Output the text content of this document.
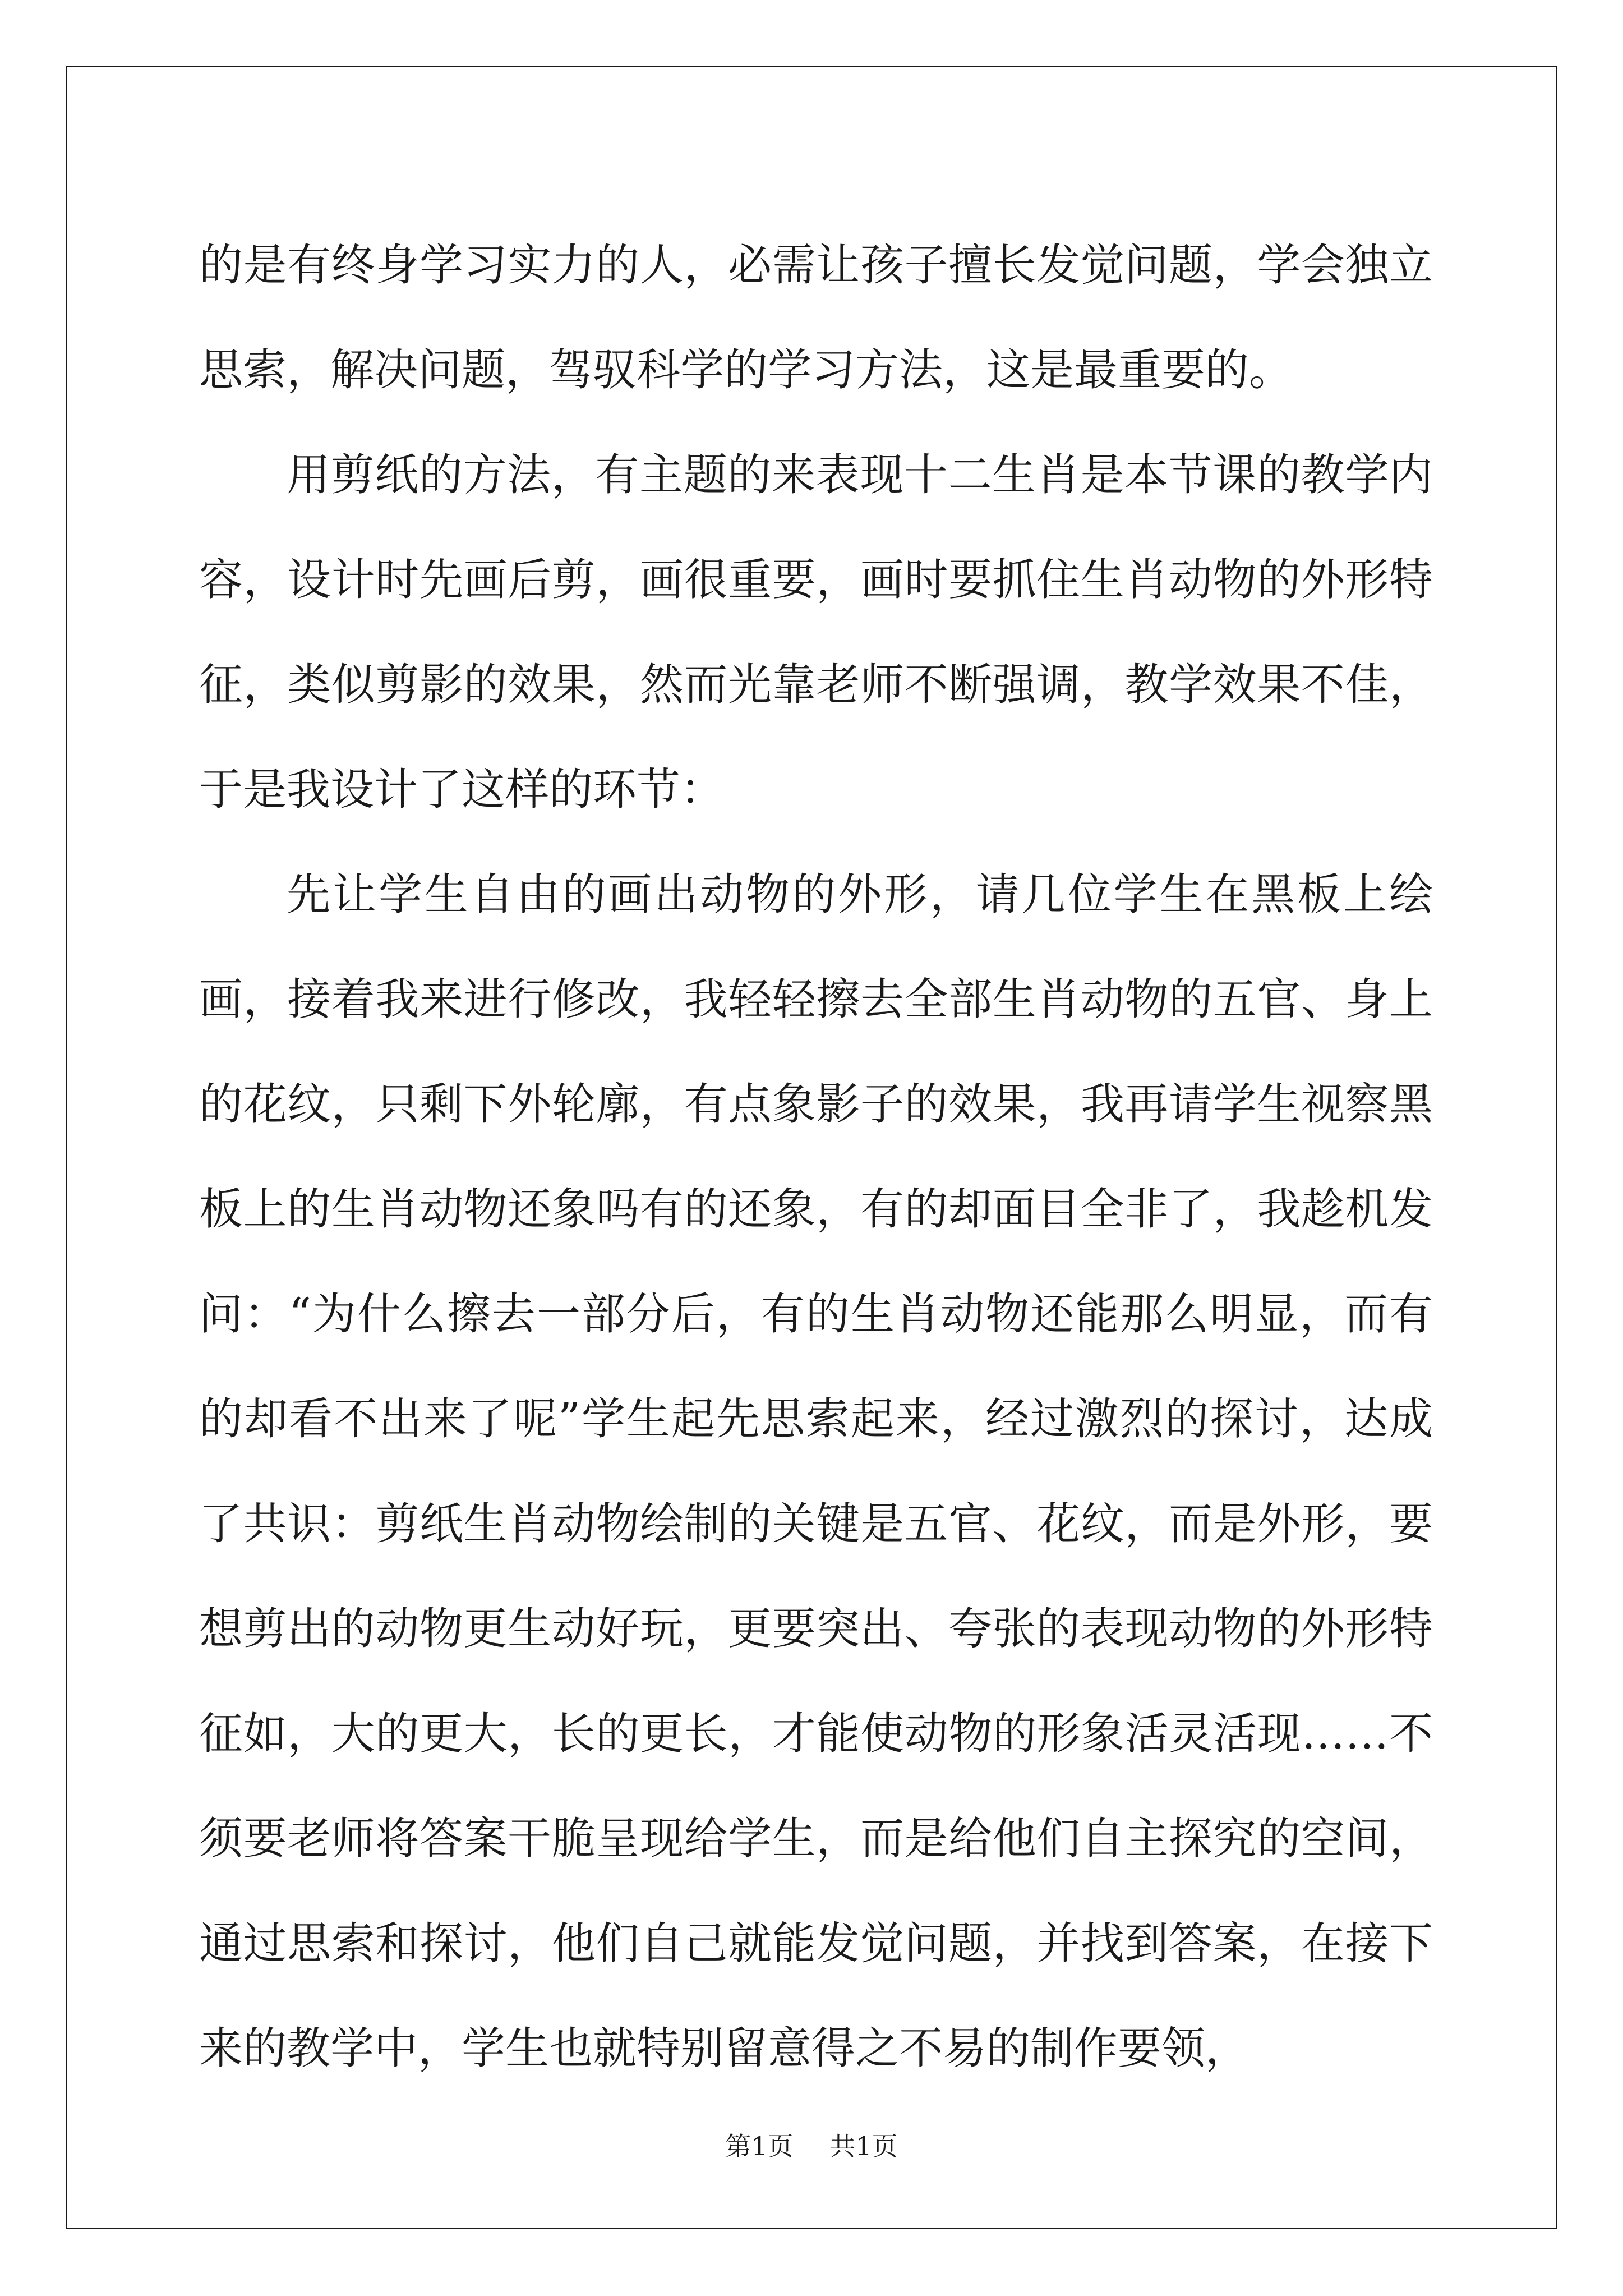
的是有终身学习实力的人，必需让孩子擅长发觉问题，学会独立思索，解决问题，驾驭科学的学习方法，这是最重要的。

用剪纸的方法，有主题的来表现十二生肖是本节课的教学内容，设计时先画后剪，画很重要，画时要抓住生肖动物的外形特征，类似剪影的效果，然而光靠老师不断强调，教学效果不佳，于是我设计了这样的环节：

先让学生自由的画出动物的外形，请几位学生在黑板上绘画，接着我来进行修改，我轻轻擦去全部生肖动物的五官、身上的花纹，只剩下外轮廓，有点象影子的效果，我再请学生视察黑板上的生肖动物还象吗有的还象，有的却面目全非了，我趁机发问：“为什么擦去一部分后，有的生肖动物还能那么明显，而有的却看不出来了呢”学生起先思索起来，经过激烈的探讨，达成了共识：剪纸生肖动物绘制的关键是五官、花纹，而是外形，要想剪出的动物更生动好玩，更要突出、夸张的表现动物的外形特征如，大的更大，长的更长，才能使动物的形象活灵活现……不须要老师将答案干脆呈现给学生，而是给他们自主探究的空间，通过思索和探讨，他们自己就能发觉问题，并找到答案，在接下来的教学中，学生也就特别留意得之不易的制作要领，

第1页 共1页
